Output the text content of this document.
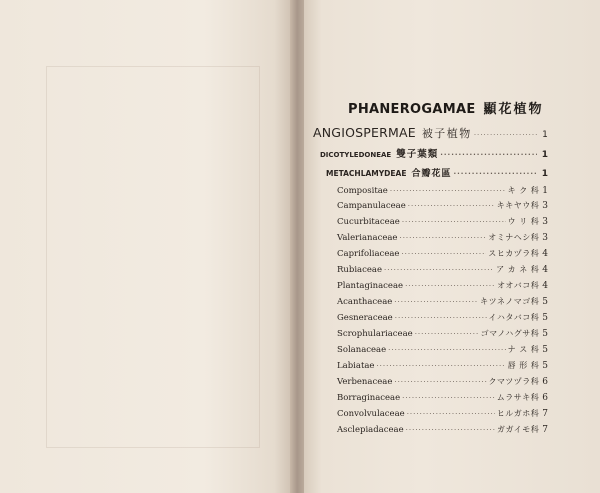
PHANEROGAMAE 顯花植物
ANGIOSPERMAE 被子植物 ·····	1
DICOTYLEDONEAE 雙子葉類 ·····	1
METACHLAMYDEAE 合瓣花區 ·····	1
Compositae ·····	キ ク 科 1
Campanulaceae ·····	キキヤウ科 3
Cucurbitaceae ·····	ウ リ 科 3
Valerianaceae ·····	オミナヘシ科 3
Caprifoliaceae ·····	スヒカヅラ科 4
Rubiaceae ·····	ア カ ネ 科 4
Plantaginaceae ·····	オオバコ科 4
Acanthaceae ·····	キツネノマゴ科 5
Gesneraceae ·····	イハタバコ科 5
Scrophulariaceae ·····	ゴマノハグサ科 5
Solanaceae ·····	ナ ス 科 5
Labiatae ·····	唇 形 科 5
Verbenaceae ·····	クマツヅラ科 6
Borraginaceae ·····	ムラサキ科 6
Convolvulaceae ·····	ヒルガホ科 7
Asclepiadaceae ·····	ガガイモ科 7
